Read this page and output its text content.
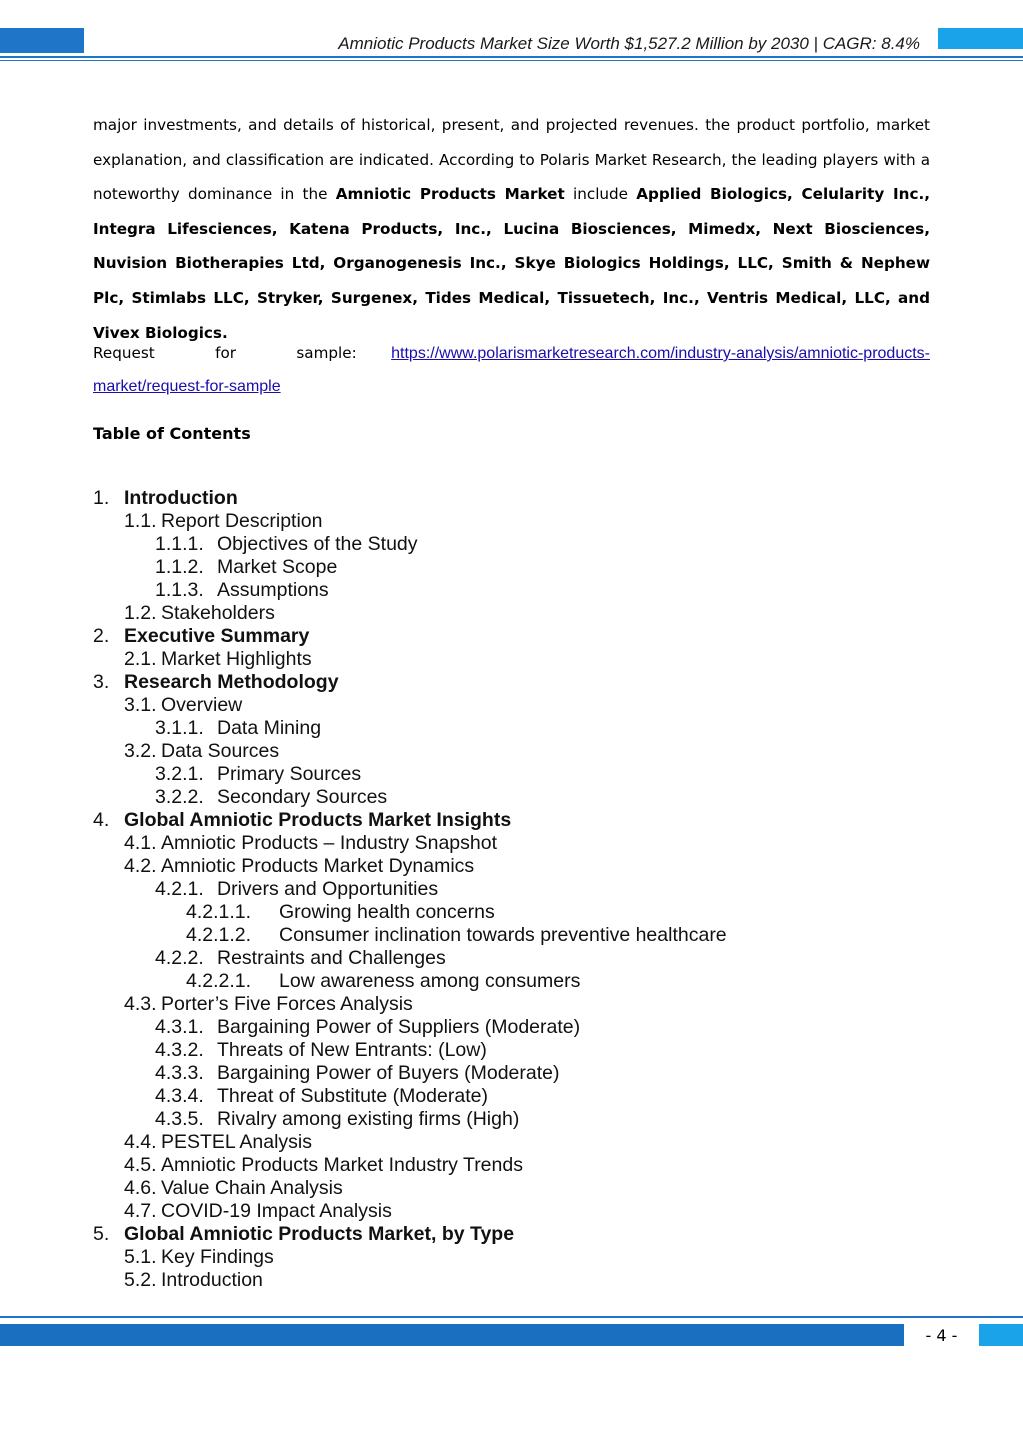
Amniotic Products Market Size Worth $1,527.2 Million by 2030 | CAGR: 8.4%

major investments, and details of historical, present, and projected revenues. the product portfolio, market explanation, and classification are indicated. According to Polaris Market Research, the leading players with a noteworthy dominance in the Amniotic Products Market include Applied Biologics, Celularity Inc., Integra Lifesciences, Katena Products, Inc., Lucina Biosciences, Mimedx, Next Biosciences, Nuvision Biotherapies Ltd, Organogenesis Inc., Skye Biologics Holdings, LLC, Smith & Nephew Plc, Stimlabs LLC, Stryker, Surgenex, Tides Medical, Tissuetech, Inc., Ventris Medical, LLC, and Vivex Biologics.

Request for sample: https://www.polarismarketresearch.com/industry-analysis/amniotic-products-market/request-for-sample

Table of Contents
1. Introduction
1.1. Report Description
1.1.1. Objectives of the Study
1.1.2. Market Scope
1.1.3. Assumptions
1.2. Stakeholders
2. Executive Summary
2.1. Market Highlights
3. Research Methodology
3.1. Overview
3.1.1. Data Mining
3.2. Data Sources
3.2.1. Primary Sources
3.2.2. Secondary Sources
4. Global Amniotic Products Market Insights
4.1. Amniotic Products – Industry Snapshot
4.2. Amniotic Products Market Dynamics
4.2.1. Drivers and Opportunities
4.2.1.1. Growing health concerns
4.2.1.2. Consumer inclination towards preventive healthcare
4.2.2. Restraints and Challenges
4.2.2.1. Low awareness among consumers
4.3. Porter’s Five Forces Analysis
4.3.1. Bargaining Power of Suppliers (Moderate)
4.3.2. Threats of New Entrants: (Low)
4.3.3. Bargaining Power of Buyers (Moderate)
4.3.4. Threat of Substitute (Moderate)
4.3.5. Rivalry among existing firms (High)
4.4. PESTEL Analysis
4.5. Amniotic Products Market Industry Trends
4.6. Value Chain Analysis
4.7. COVID-19 Impact Analysis
5. Global Amniotic Products Market, by Type
5.1. Key Findings
5.2. Introduction
- 4 -
